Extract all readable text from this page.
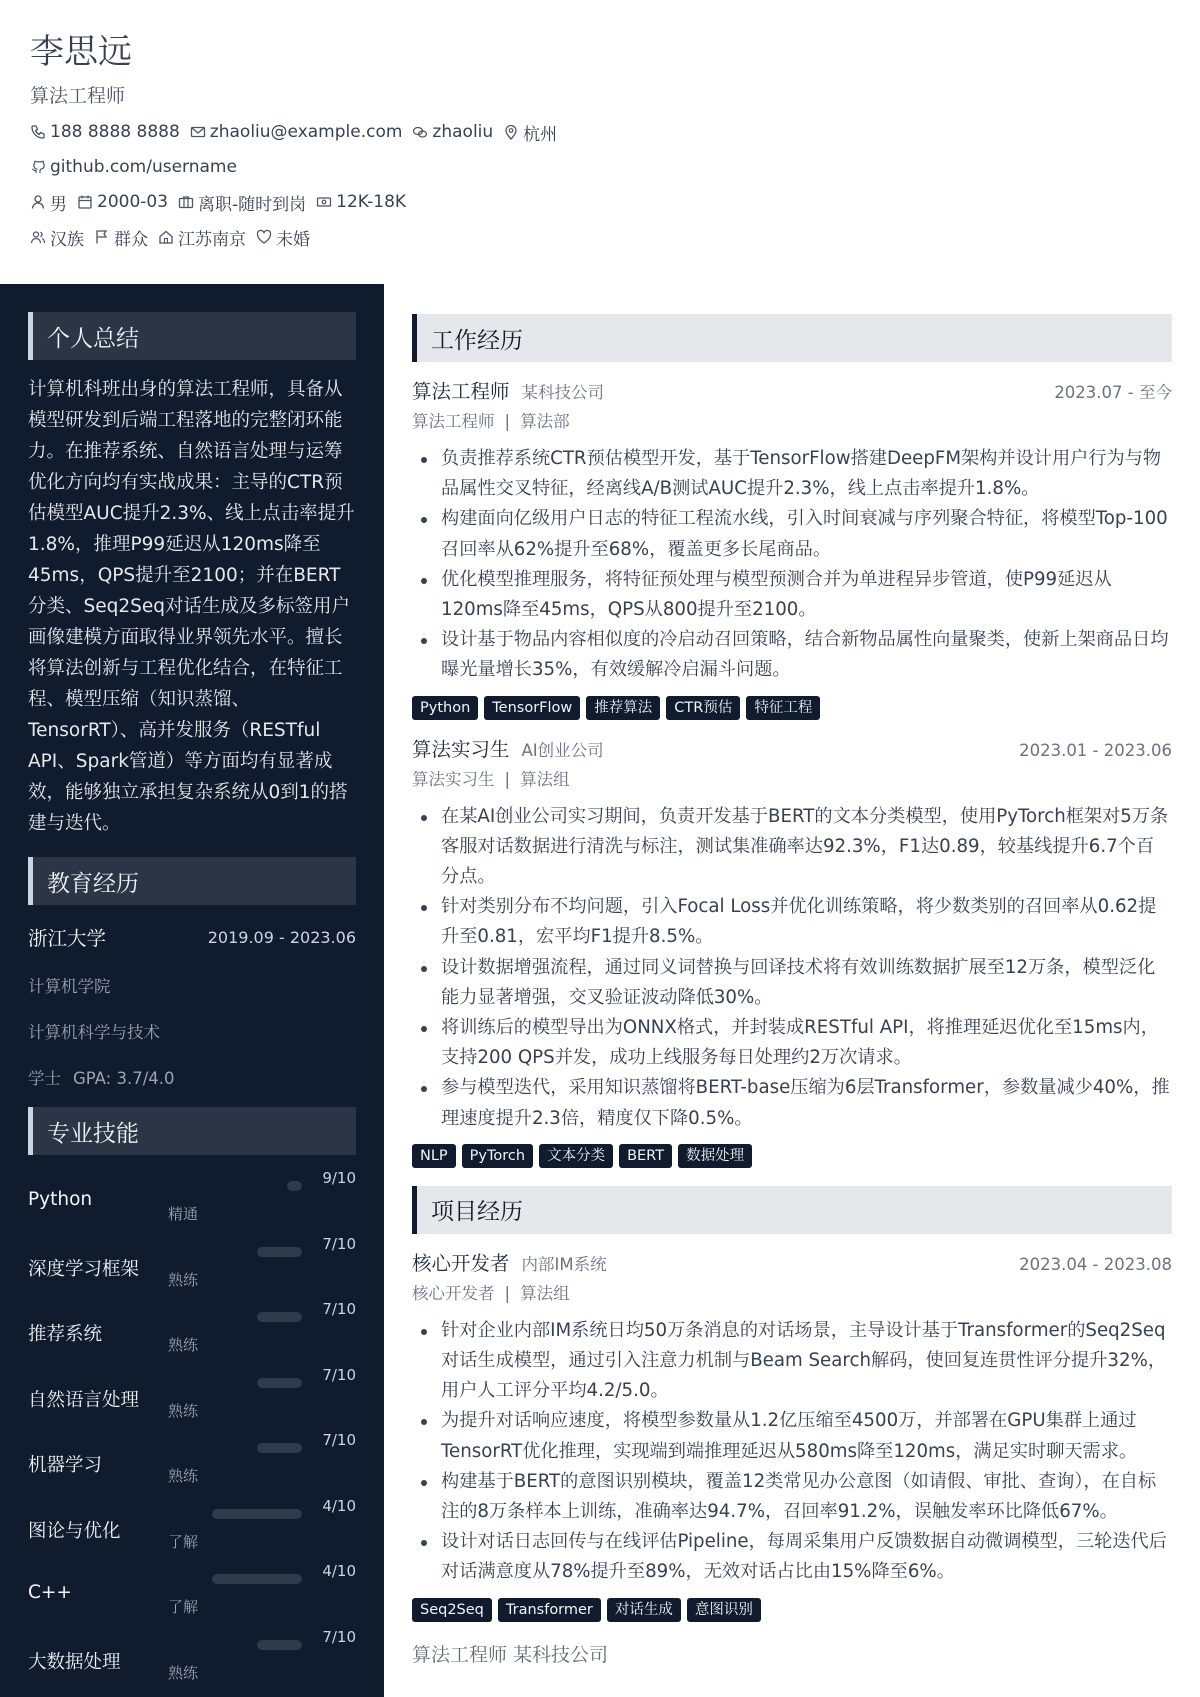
李思远
算法工程师
188 8888 8888 zhaoliu@example.com zhaoliu 杭州
github.com/username
男 2000-03 离职-随时到岗 12K-18K
汉族 群众 江苏南京 未婚
个人总结
计算机科班出身的算法工程师，具备从模型研发到后端工程落地的完整闭环能力。在推荐系统、自然语言处理与运筹优化方向均有实战成果：主导的CTR预估模型AUC提升2.3%、线上点击率提升1.8%，推理P99延迟从120ms降至45ms，QPS提升至2100；并在BERT分类、Seq2Seq对话生成及多标签用户画像建模方面取得业界领先水平。擅长将算法创新与工程优化结合，在特征工程、模型压缩（知识蒸馏、TensorRT）、高并发服务（RESTful API、Spark管道）等方面均有显著成效，能够独立承担复杂系统从0到1的搭建与迭代。
教育经历
浙江大学	2019.09 - 2023.06
计算机学院
计算机科学与技术
学士 GPA: 3.7/4.0
专业技能
Python
精通
9/10
深度学习框架 熟练
7/10
推荐系统	熟练
7/10
自然语言处理 熟练
7/10
机器学习	熟练
7/10
图论与优化	了解
4/10
C++
了解
4/10
大数据处理	熟练
7/10
工作经历
算法工程师 某科技公司	2023.07 - 至今
算法工程师 | 算法部
负责推荐系统CTR预估模型开发，基于TensorFlow搭建DeepFM架构并设计用户行为与物品属性交叉特征，经离线A/B测试AUC提升2.3%，线上点击率提升1.8%。
构建面向亿级用户日志的特征工程流水线，引入时间衰减与序列聚合特征，将模型Top-100召回率从62%提升至68%，覆盖更多长尾商品。
优化模型推理服务，将特征预处理与模型预测合并为单进程异步管道，使P99延迟从120ms降至45ms，QPS从800提升至2100。
设计基于物品内容相似度的冷启动召回策略，结合新物品属性向量聚类，使新上架商品日均曝光量增长35%，有效缓解冷启漏斗问题。
Python	TensorFlow	推荐算法	CTR预估	特征工程
算法实习生 AI创业公司	2023.01 - 2023.06
算法实习生 | 算法组
在某AI创业公司实习期间，负责开发基于BERT的文本分类模型，使用PyTorch框架对5万条客服对话数据进行清洗与标注，测试集准确率达92.3%，F1达0.89，较基线提升6.7个百分点。
针对类别分布不均问题，引入Focal Loss并优化训练策略，将少数类别的召回率从0.62提升至0.81，宏平均F1提升8.5%。
设计数据增强流程，通过同义词替换与回译技术将有效训练数据扩展至12万条，模型泛化能力显著增强，交叉验证波动降低30%。
将训练后的模型导出为ONNX格式，并封装成RESTful API，将推理延迟优化至15ms内，支持200 QPS并发，成功上线服务每日处理约2万次请求。
参与模型迭代，采用知识蒸馏将BERT-base压缩为6层Transformer，参数量减少40%，推理速度提升2.3倍，精度仅下降0.5%。
NLP	PyTorch	文本分类	BERT	数据处理
项目经历
核心开发者 内部IM系统	2023.04 - 2023.08
核心开发者 | 算法组
针对企业内部IM系统日均50万条消息的对话场景，主导设计基于Transformer的Seq2Seq对话生成模型，通过引入注意力机制与Beam Search解码，使回复连贯性评分提升32%，用户人工评分平均4.2/5.0。
为提升对话响应速度，将模型参数量从1.2亿压缩至4500万，并部署在GPU集群上通过TensorRT优化推理，实现端到端推理延迟从580ms降至120ms，满足实时聊天需求。
构建基于BERT的意图识别模块，覆盖12类常见办公意图（如请假、审批、查询），在自标注的8万条样本上训练，准确率达94.7%，召回率91.2%，误触发率环比降低67%。
设计对话日志回传与在线评估Pipeline，每周采集用户反馈数据自动微调模型，三轮迭代后对话满意度从78%提升至89%，无效对话占比由15%降至6%。
Seq2Seq	Transformer	对话生成	意图识别
算法工程师 某科技公司
